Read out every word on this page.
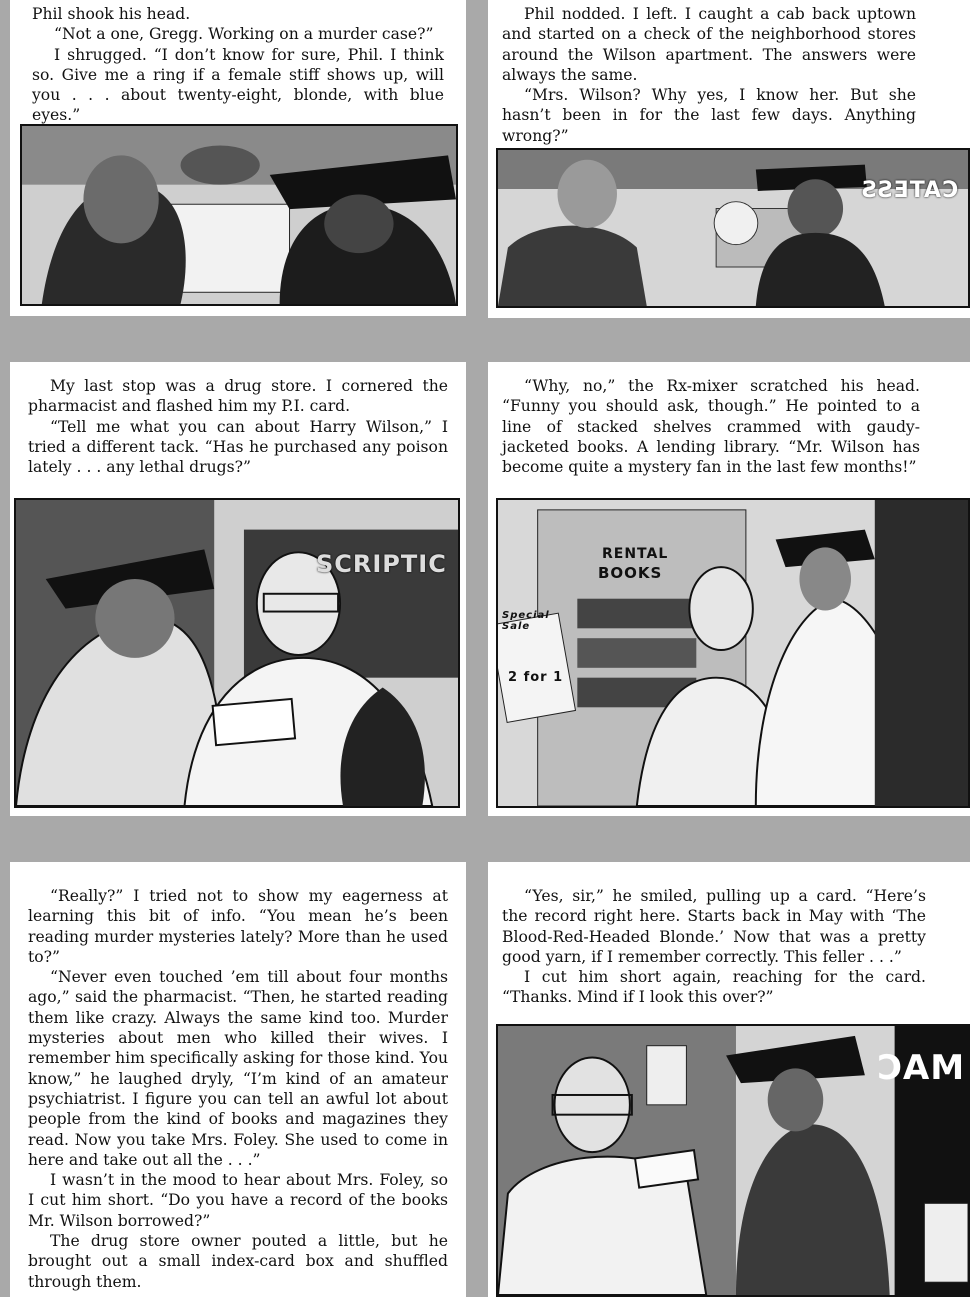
Phil shook his head.

“Not a one, Gregg. Working on a murder case?”

I shrugged. “I don’t know for sure, Phil. I think so. Give me a ring if a female stiff shows up, will you . . . about twenty-eight, blonde, with blue eyes.”

Phil nodded. I left. I caught a cab back uptown and started on a check of the neighborhood stores around the Wilson apartment. The answers were always the same.

“Mrs. Wilson? Why yes, I know her. But she hasn’t been in for the last few days. Anything wrong?”

CATESS

My last stop was a drug store. I cornered the pharmacist and flashed him my P.I. card.

“Tell me what you can about Harry Wilson,” I tried a different tack. “Has he purchased any poison lately . . . any lethal drugs?”

SCRIPTIC

“Why, no,” the Rx-mixer scratched his head. “Funny you should ask, though.” He pointed to a line of stacked shelves crammed with gaudy-jacketed books. A lending library. “Mr. Wilson has become quite a mystery fan in the last few months!”

RENTAL
BOOKS
Special Sale
2 for 1

“Really?” I tried not to show my eagerness at learning this bit of info. “You mean he’s been reading murder mysteries lately? More than he used to?”

“Never even touched ’em till about four months ago,” said the pharmacist. “Then, he started reading them like crazy. Always the same kind too. Murder mysteries about men who killed their wives. I remember him specifically asking for those kind. You know,” he laughed dryly, “I’m kind of an amateur psychiatrist. I figure you can tell an awful lot about people from the kind of books and magazines they read. Now you take Mrs. Foley. She used to come in here and take out all the . . .”

I wasn’t in the mood to hear about Mrs. Foley, so I cut him short. “Do you have a record of the books Mr. Wilson borrowed?”

The drug store owner pouted a little, but he brought out a small index-card box and shuffled through them.

“Yes, sir,” he smiled, pulling up a card. “Here’s the record right here. Starts back in May with ‘The Blood-Red-Headed Blonde.’ Now that was a pretty good yarn, if I remember correctly. This feller . . .”

I cut him short again, reaching for the card. “Thanks. Mind if I look this over?”

MAC
